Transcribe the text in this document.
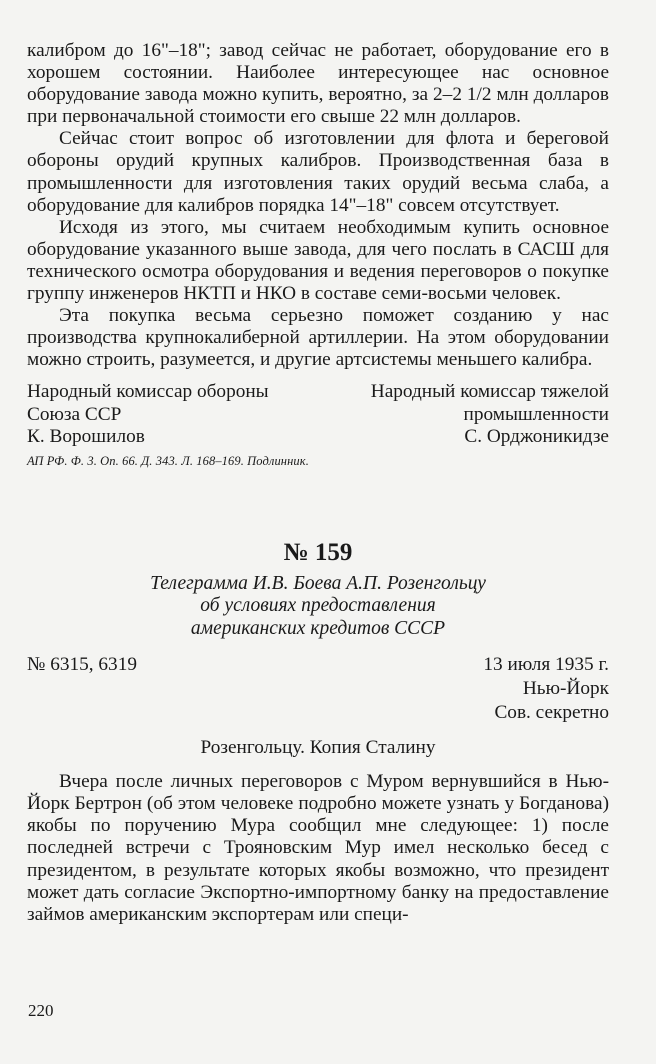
калибром до 16"–18"; завод сейчас не работает, оборудование его в хорошем состоянии. Наиболее интересующее нас основное оборудование завода можно купить, вероятно, за 2–2 1/2 млн долларов при первоначальной стоимости его свыше 22 млн долларов.

Сейчас стоит вопрос об изготовлении для флота и береговой обороны орудий крупных калибров. Производственная база в промышленности для изготовления таких орудий весьма слаба, а оборудование для калибров порядка 14"–18" совсем отсутствует.

Исходя из этого, мы считаем необходимым купить основное оборудование указанного выше завода, для чего послать в САСШ для технического осмотра оборудования и ведения переговоров о покупке группу инженеров НКТП и НКО в составе семи-восьми человек.

Эта покупка весьма серьезно поможет созданию у нас производства крупнокалиберной артиллерии. На этом оборудовании можно строить, разумеется, и другие артсистемы меньшего калибра.

Народный комиссар обороны
Союза ССР
К. Ворошилов
Народный комиссар тяжелой
промышленности
С. Орджоникидзе
АП РФ. Ф. 3. Оп. 66. Д. 343. Л. 168–169. Подлинник.
№ 159
Телеграмма И.В. Боева А.П. Розенгольцу
об условиях предоставления
американских кредитов СССР
№ 6315, 6319	13 июля 1935 г.
Нью-Йорк
Сов. секретно
Розенгольцу. Копия Сталину

Вчера после личных переговоров с Муром вернувшийся в Нью-Йорк Бертрон (об этом человеке подробно можете узнать у Богданова) якобы по поручению Мура сообщил мне следующее: 1) после последней встречи с Трояновским Мур имел несколько бесед с президентом, в результате которых якобы возможно, что президент может дать согласие Экспортно-импортному банку на предоставление займов американским экспортерам или специ-

220
